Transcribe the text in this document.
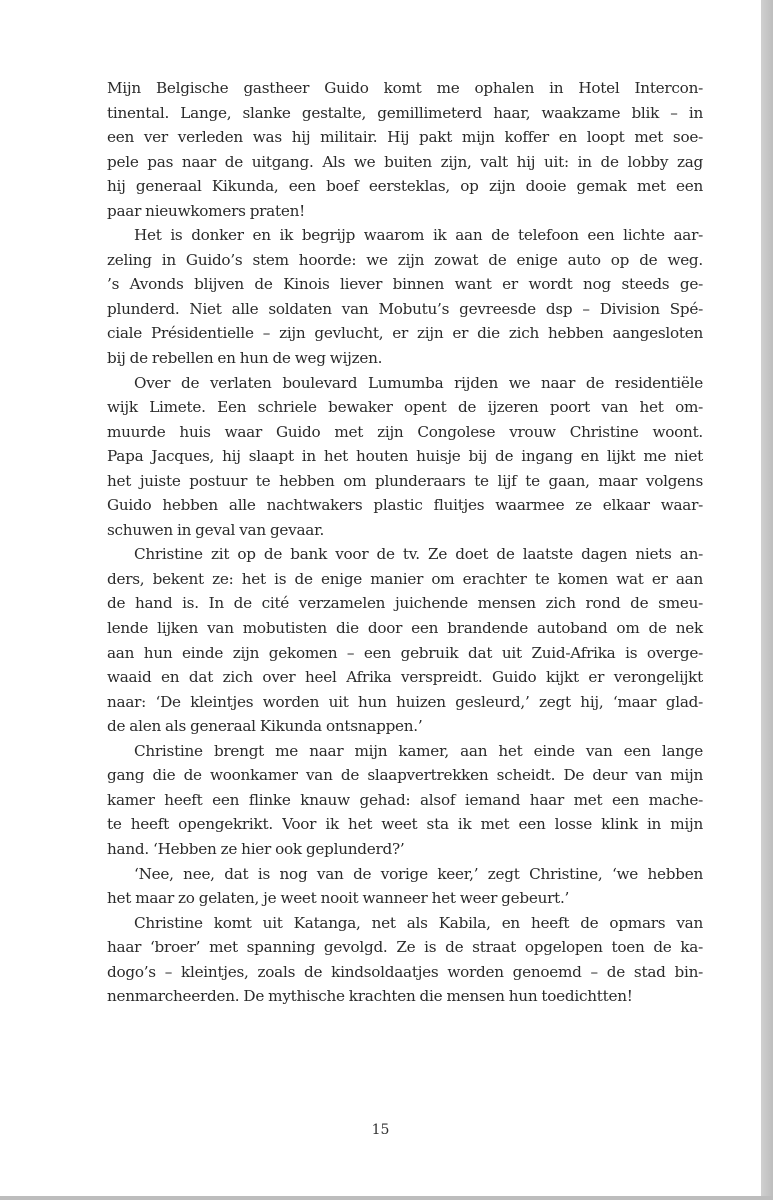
Mijn Belgische gastheer Guido komt me ophalen in Hotel Intercon-
tinental. Lange, slanke gestalte, gemillimeterd haar, waakzame blik – in
een ver verleden was hij militair. Hij pakt mijn koffer en loopt met soe-
pele pas naar de uitgang. Als we buiten zijn, valt hij uit: in de lobby zag
hij generaal Kikunda, een boef eersteklas, op zijn dooie gemak met een
paar nieuwkomers praten!
Het is donker en ik begrijp waarom ik aan de telefoon een lichte aar-
zeling in Guido’s stem hoorde: we zijn zowat de enige auto op de weg.
’s Avonds blijven de Kinois liever binnen want er wordt nog steeds ge-
plunderd. Niet alle soldaten van Mobutu’s gevreesde dsp – Division Spé-
ciale Présidentielle – zijn gevlucht, er zijn er die zich hebben aangesloten
bij de rebellen en hun de weg wijzen.
Over de verlaten boulevard Lumumba rijden we naar de residentiële
wijk Limete. Een schriele bewaker opent de ijzeren poort van het om-
muurde huis waar Guido met zijn Congolese vrouw Christine woont.
Papa Jacques, hij slaapt in het houten huisje bij de ingang en lijkt me niet
het juiste postuur te hebben om plunderaars te lijf te gaan, maar volgens
Guido hebben alle nachtwakers plastic fluitjes waarmee ze elkaar waar-
schuwen in geval van gevaar.
Christine zit op de bank voor de tv. Ze doet de laatste dagen niets an-
ders, bekent ze: het is de enige manier om erachter te komen wat er aan
de hand is. In de cité verzamelen juichende mensen zich rond de smeu-
lende lijken van mobutisten die door een brandende autoband om de nek
aan hun einde zijn gekomen – een gebruik dat uit Zuid-Afrika is overge-
waaid en dat zich over heel Afrika verspreidt. Guido kijkt er verongelijkt
naar: ‘De kleintjes worden uit hun huizen gesleurd,’ zegt hij, ‘maar glad-
de alen als generaal Kikunda ontsnappen.’
Christine brengt me naar mijn kamer, aan het einde van een lange
gang die de woonkamer van de slaapvertrekken scheidt. De deur van mijn
kamer heeft een flinke knauw gehad: alsof iemand haar met een mache-
te heeft opengekrikt. Voor ik het weet sta ik met een losse klink in mijn
hand. ‘Hebben ze hier ook geplunderd?’
‘Nee, nee, dat is nog van de vorige keer,’ zegt Christine, ‘we hebben
het maar zo gelaten, je weet nooit wanneer het weer gebeurt.’
Christine komt uit Katanga, net als Kabila, en heeft de opmars van
haar ‘broer’ met spanning gevolgd. Ze is de straat opgelopen toen de ka-
dogo’s – kleintjes, zoals de kindsoldaatjes worden genoemd – de stad bin-
nenmarcheerden. De mythische krachten die mensen hun toedichtten!
15
